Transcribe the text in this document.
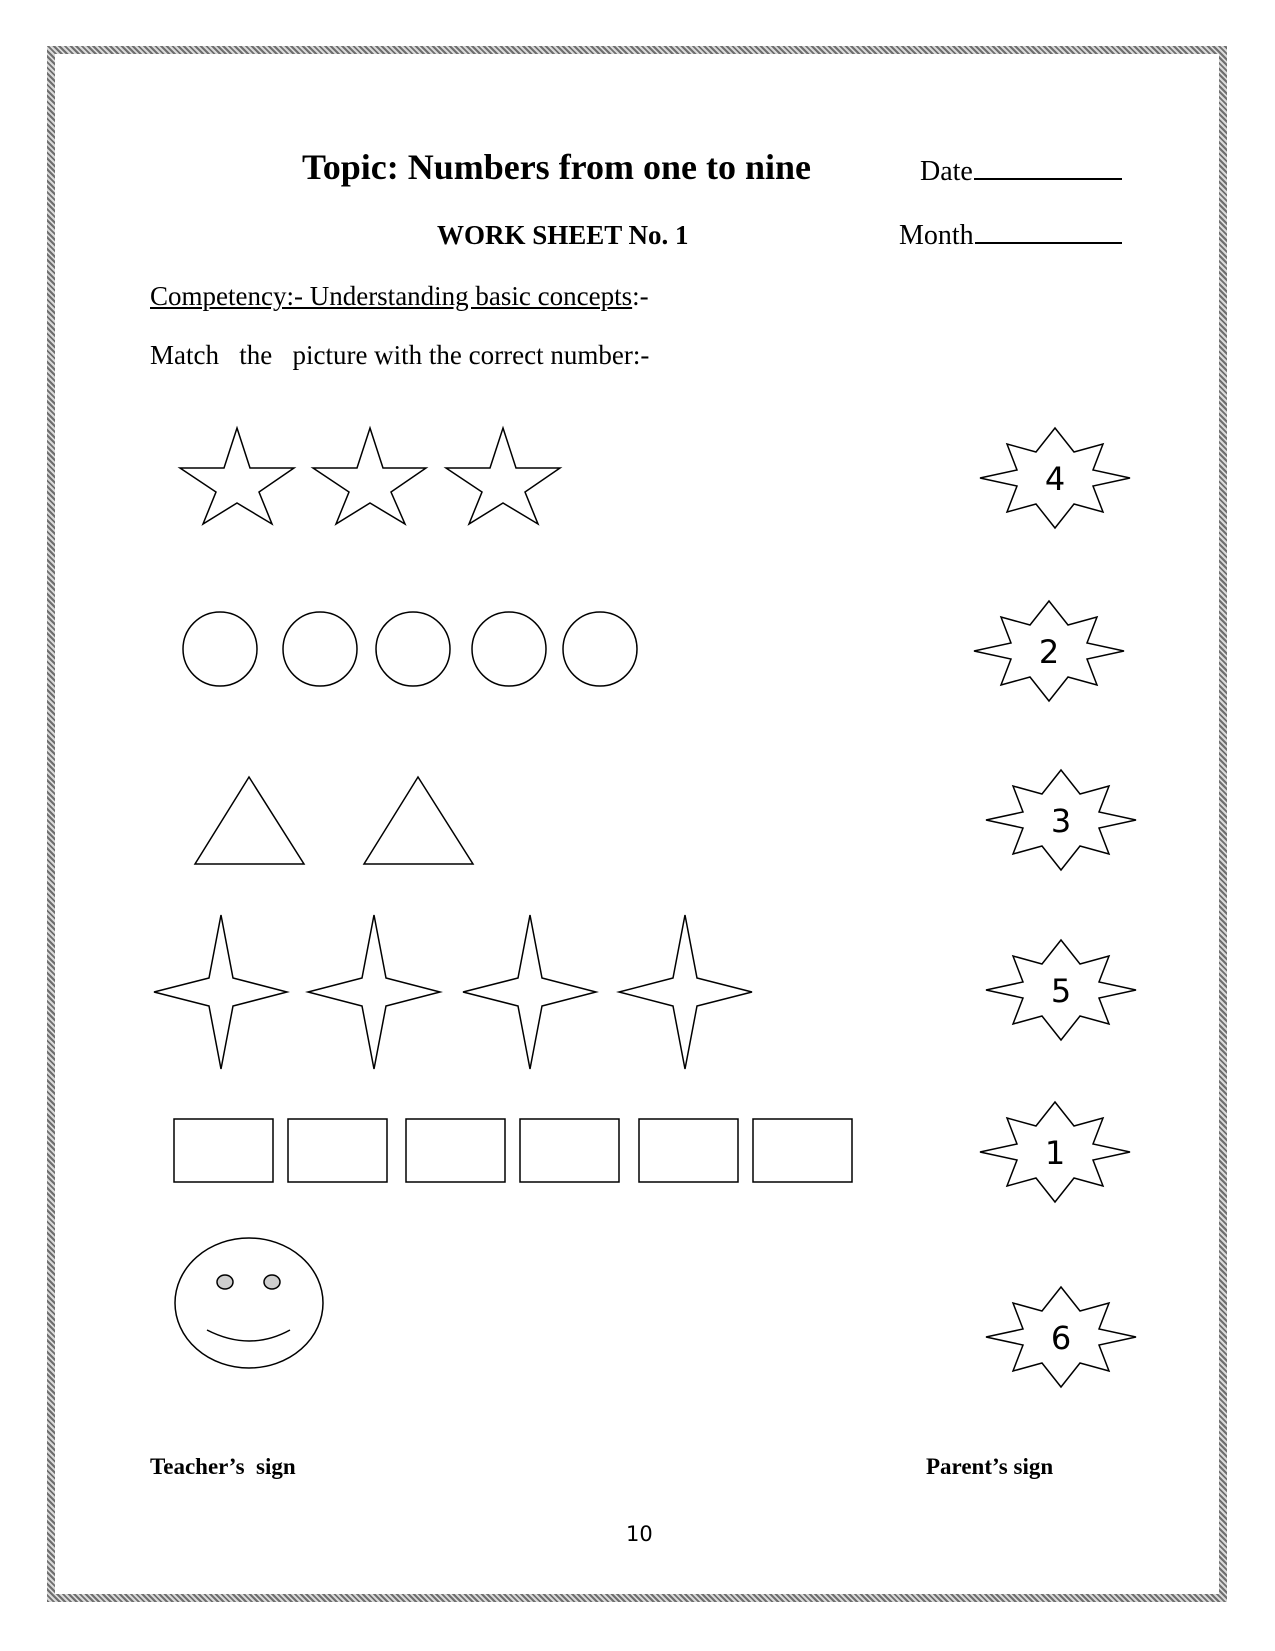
Topic: Numbers from one to nine	Date
WORK SHEET No. 1	Month
Competency:- Understanding basic concepts:-
Match   the   picture with the correct number:-
4
2
3
5
1
6
Teacher’s  sign	Parent’s sign
10
